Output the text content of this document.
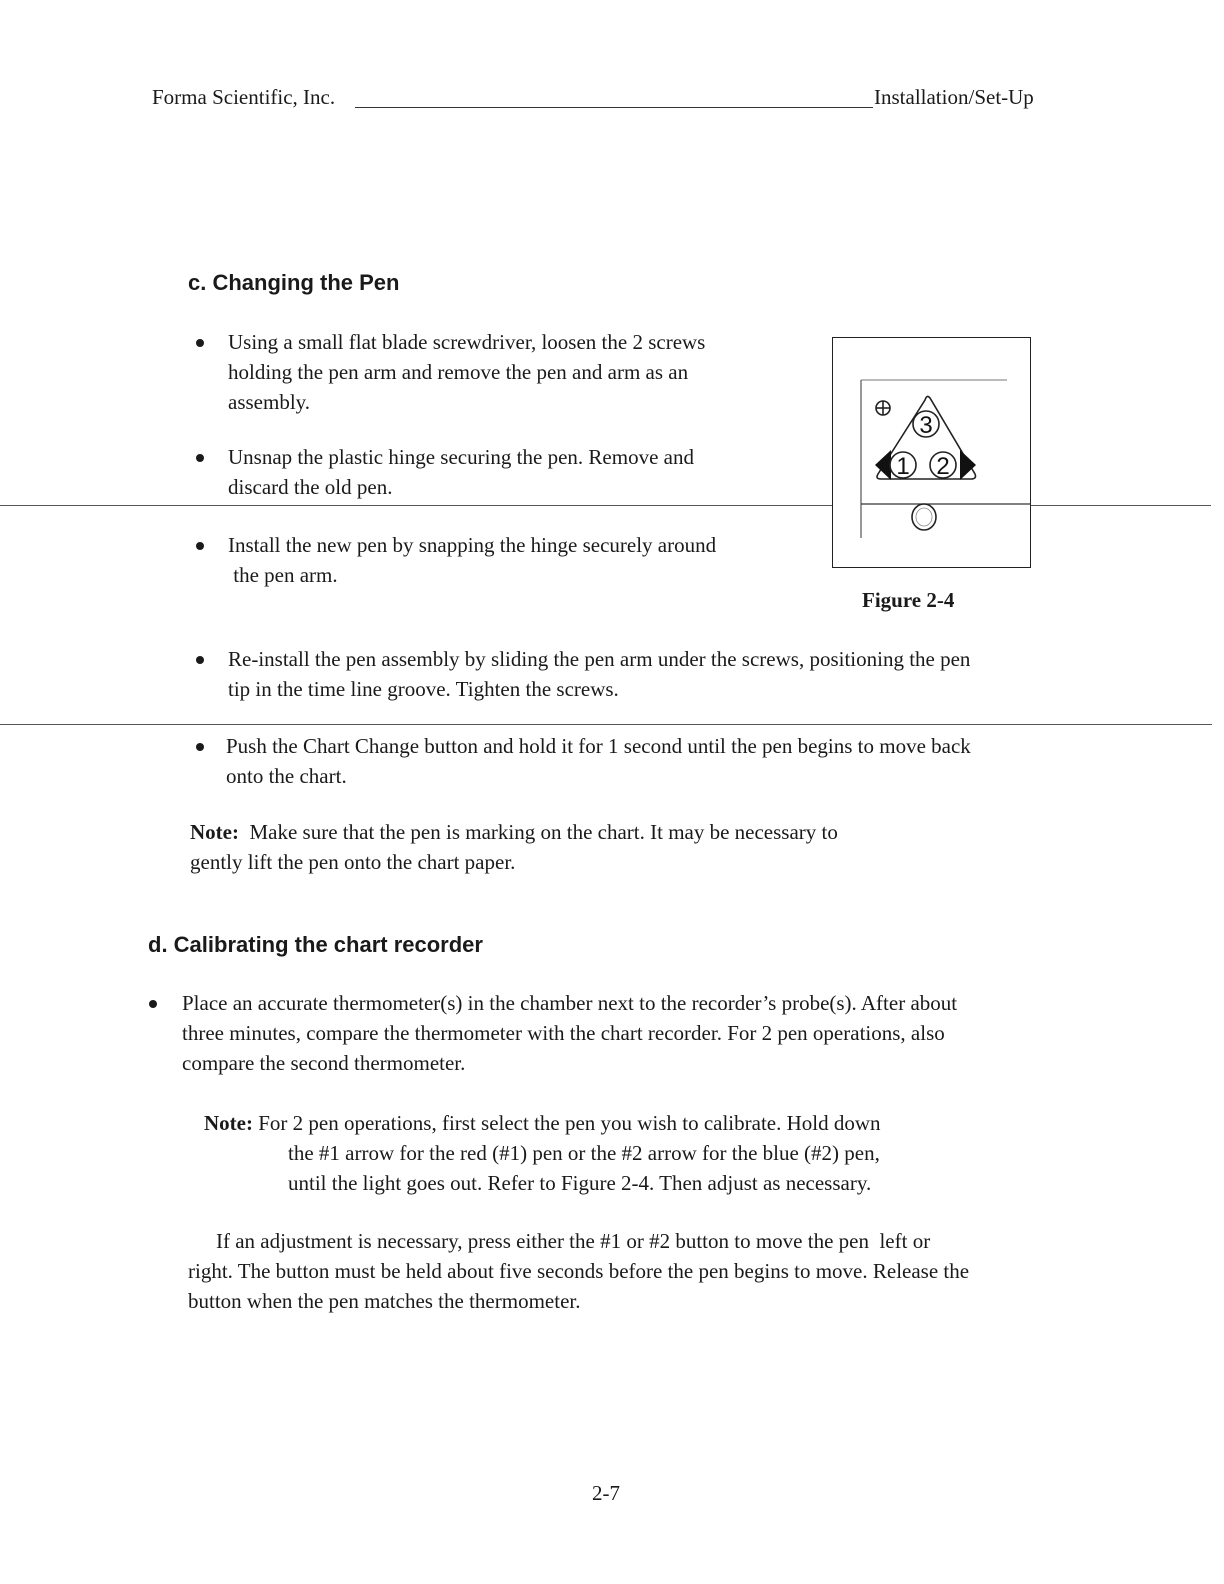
Forma Scientific, Inc.	Installation/Set-Up
c. Changing the Pen
Using a small flat blade screwdriver, loosen the 2 screws
holding the pen arm and remove the pen and arm as an
assembly.
Unsnap the plastic hinge securing the pen. Remove and
discard the old pen.
Install the new pen by snapping the hinge securely around
the pen arm.
3
1 2
Figure 2-4
Re-install the pen assembly by sliding the pen arm under the screws, positioning the pen
tip in the time line groove. Tighten the screws.
Push the Chart Change button and hold it for 1 second until the pen begins to move back
onto the chart.
Note:  Make sure that the pen is marking on the chart. It may be necessary to
gently lift the pen onto the chart paper.
d. Calibrating the chart recorder
Place an accurate thermometer(s) in the chamber next to the recorder’s probe(s). After about
three minutes, compare the thermometer with the chart recorder. For 2 pen operations, also
compare the second thermometer.
Note: For 2 pen operations, first select the pen you wish to calibrate. Hold down
the #1 arrow for the red (#1) pen or the #2 arrow for the blue (#2) pen,
until the light goes out. Refer to Figure 2-4. Then adjust as necessary.
If an adjustment is necessary, press either the #1 or #2 button to move the pen  left or
right. The button must be held about five seconds before the pen begins to move. Release the
button when the pen matches the thermometer.
2-7
